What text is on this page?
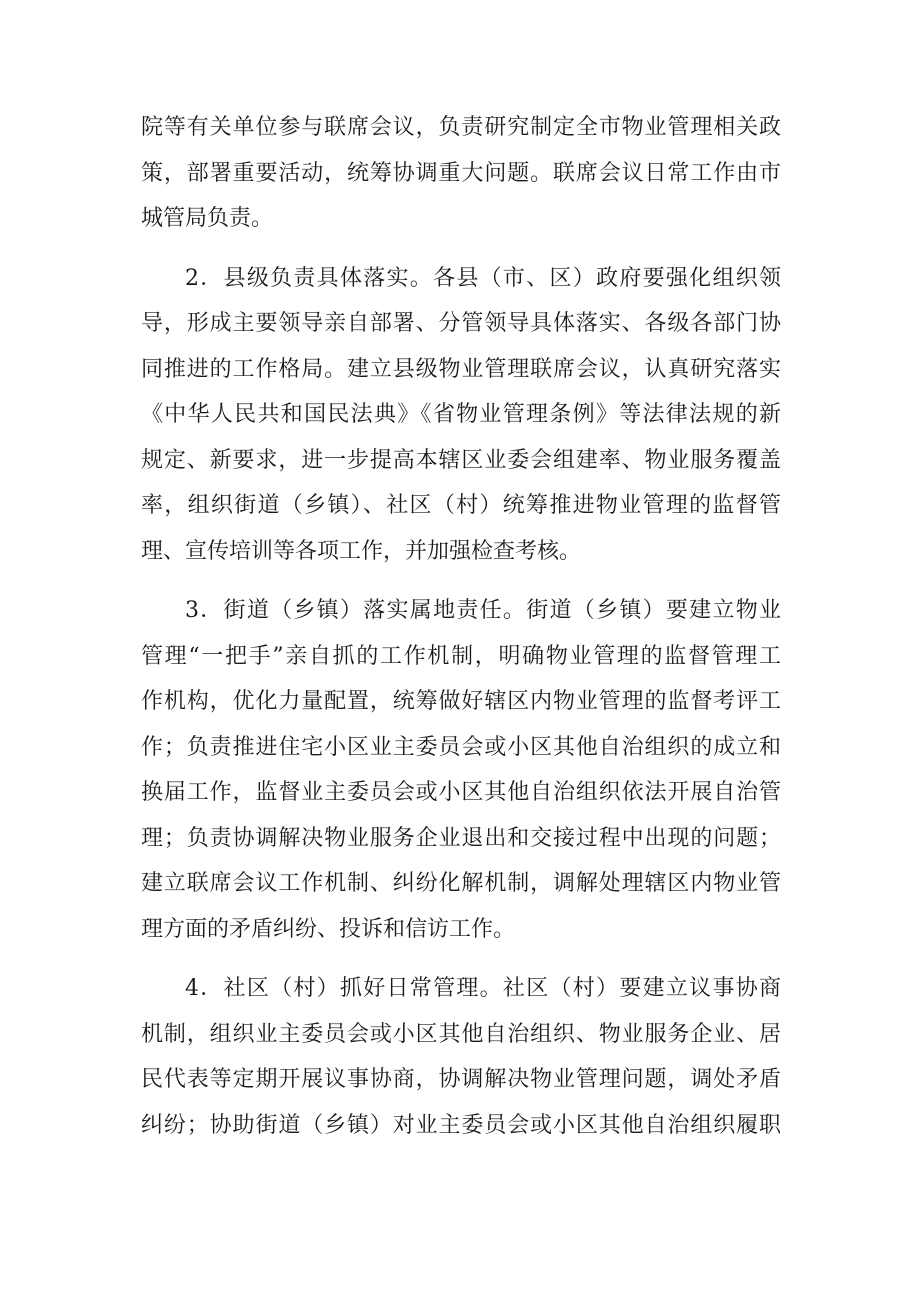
院等有关单位参与联席会议，负责研究制定全市物业管理相关政
策，部署重要活动，统筹协调重大问题。联席会议日常工作由市
城管局负责。
2．县级负责具体落实。各县（市、区）政府要强化组织领
导，形成主要领导亲自部署、分管领导具体落实、各级各部门协
同推进的工作格局。建立县级物业管理联席会议，认真研究落实
《中华人民共和国民法典》《省物业管理条例》等法律法规的新
规定、新要求，进一步提高本辖区业委会组建率、物业服务覆盖
率，组织街道（乡镇）、社区（村）统筹推进物业管理的监督管
理、宣传培训等各项工作，并加强检查考核。
3．街道（乡镇）落实属地责任。街道（乡镇）要建立物业
管理“一把手”亲自抓的工作机制，明确物业管理的监督管理工
作机构，优化力量配置，统筹做好辖区内物业管理的监督考评工
作；负责推进住宅小区业主委员会或小区其他自治组织的成立和
换届工作，监督业主委员会或小区其他自治组织依法开展自治管
理；负责协调解决物业服务企业退出和交接过程中出现的问题；
建立联席会议工作机制、纠纷化解机制，调解处理辖区内物业管
理方面的矛盾纠纷、投诉和信访工作。
4．社区（村）抓好日常管理。社区（村）要建立议事协商
机制，组织业主委员会或小区其他自治组织、物业服务企业、居
民代表等定期开展议事协商，协调解决物业管理问题，调处矛盾
纠纷；协助街道（乡镇）对业主委员会或小区其他自治组织履职
